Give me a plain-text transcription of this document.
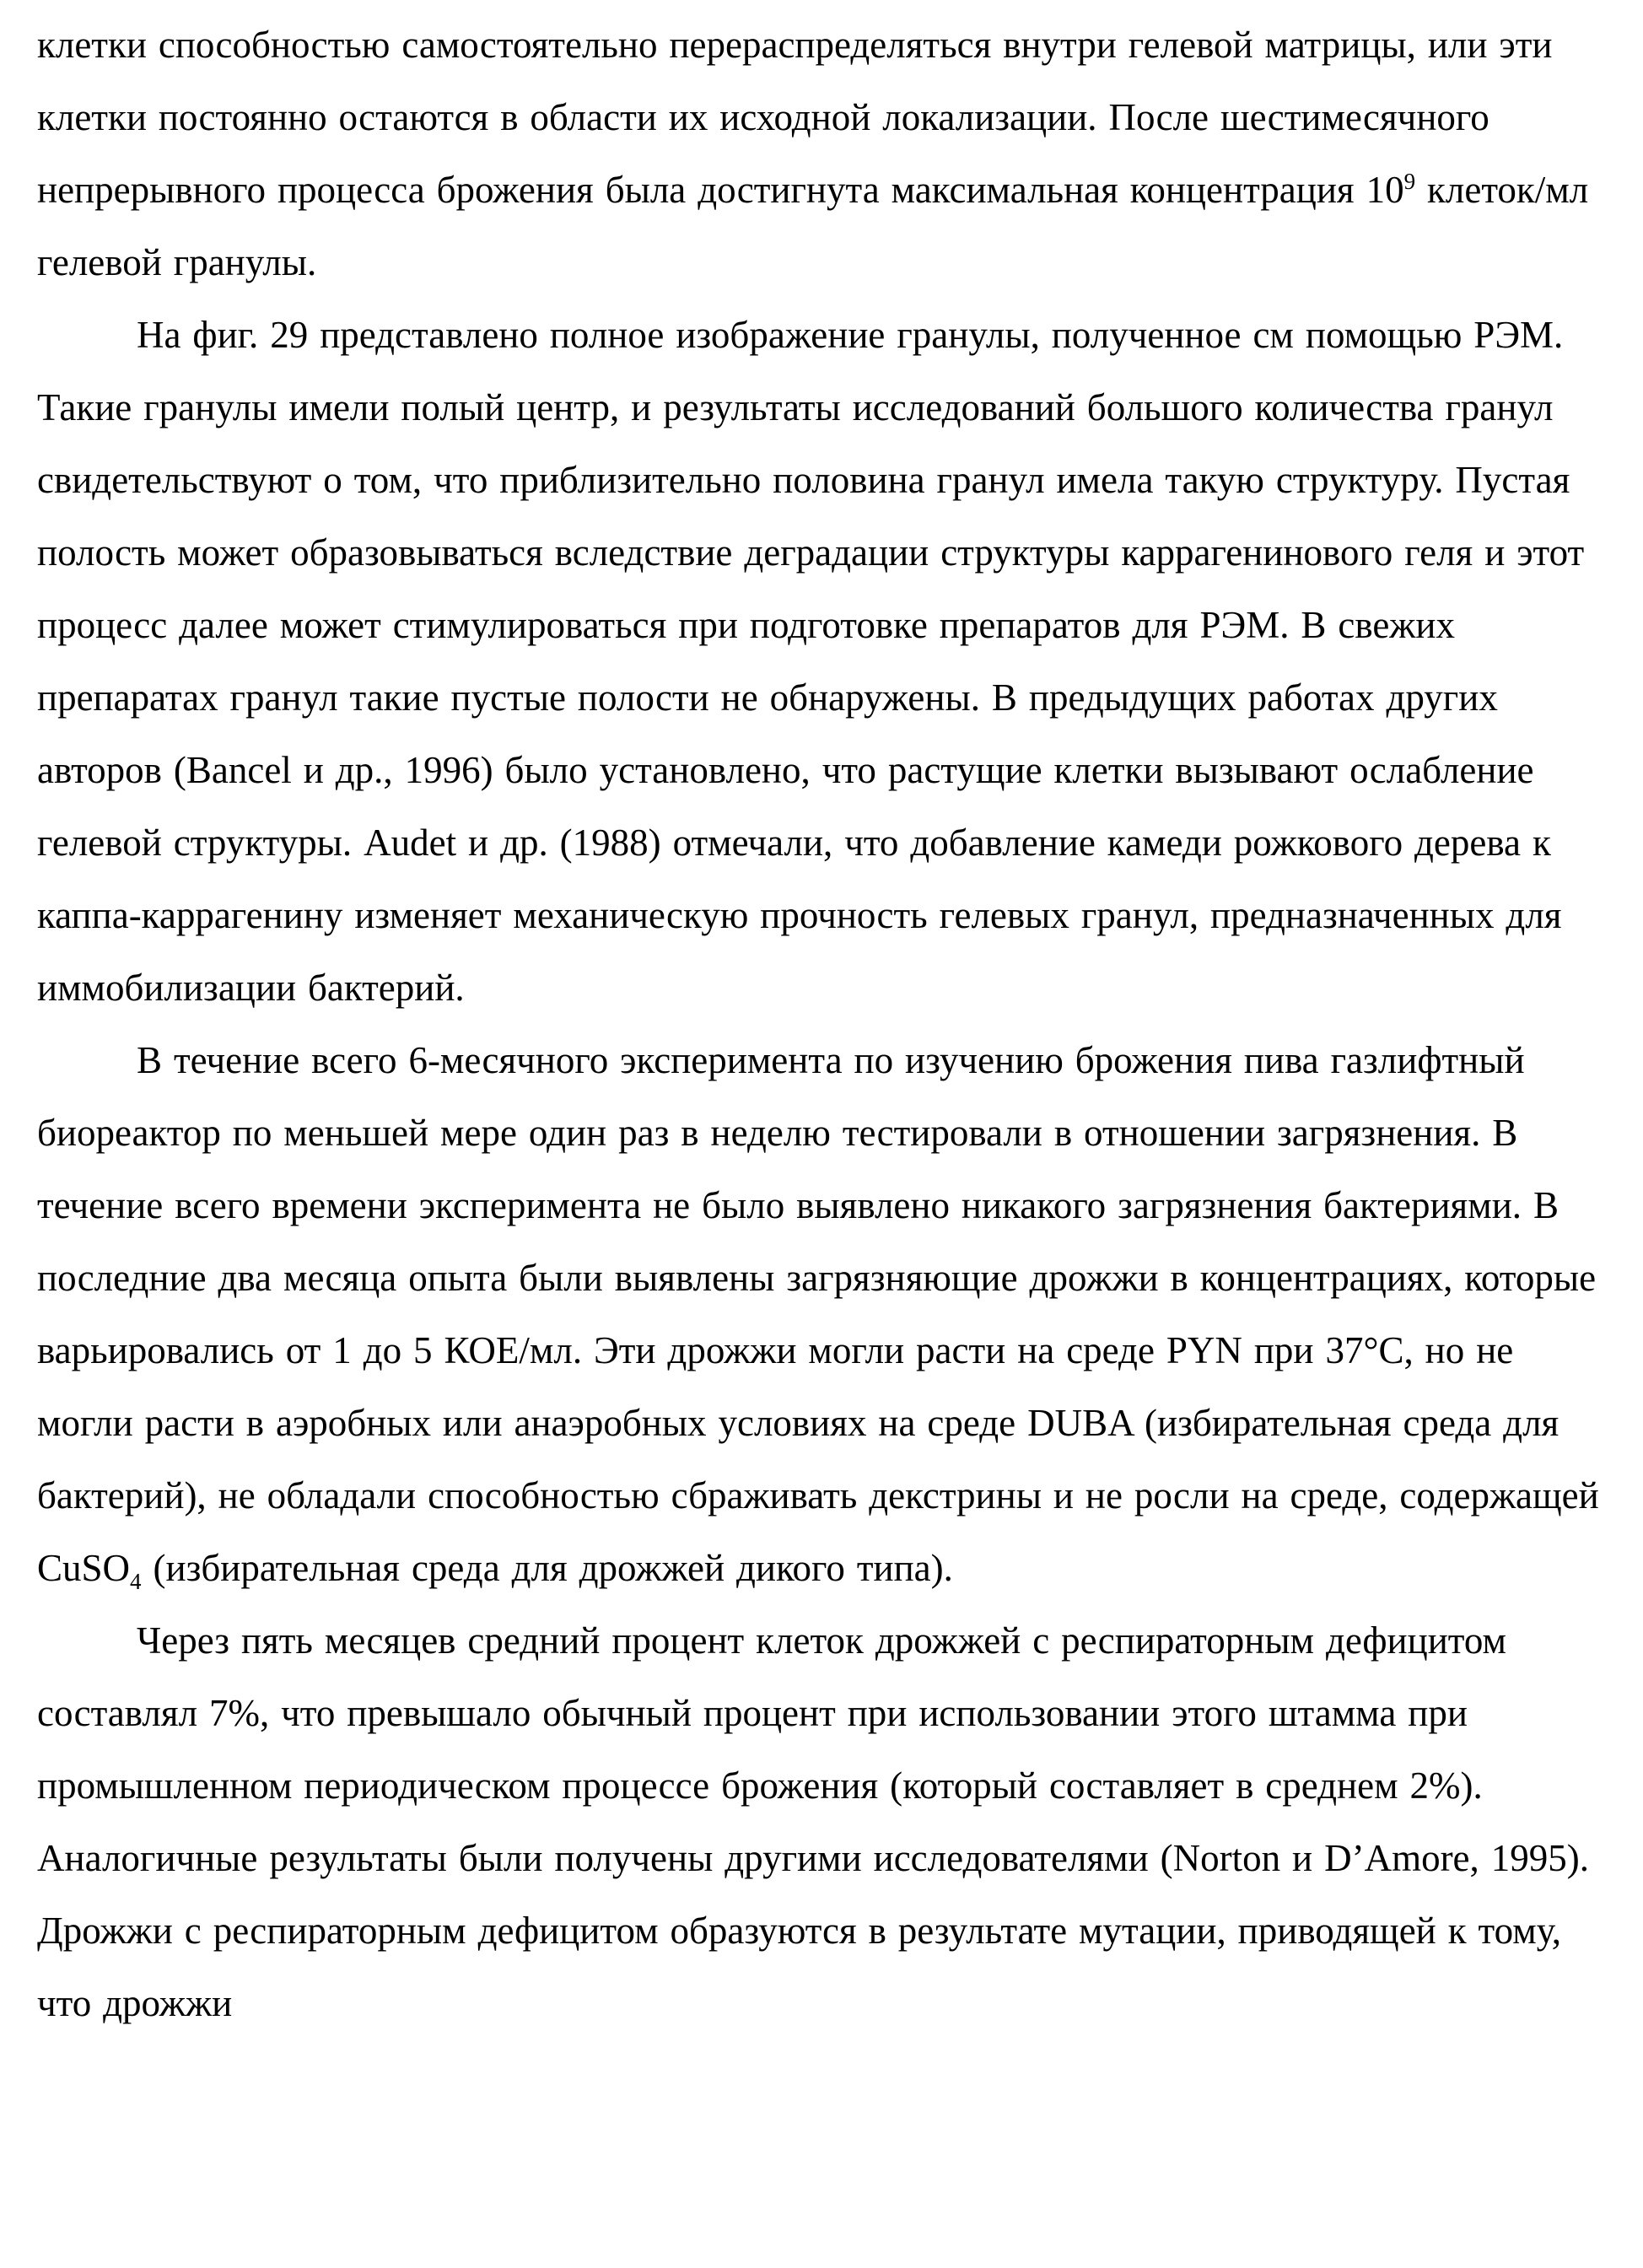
клетки способностью самостоятельно перераспределяться внутри гелевой матрицы, или эти клетки постоянно остаются в области их исходной локализации. После шестимесячного непрерывного процесса брожения была достигнута максимальная концентрация $10^9$ клеток/мл гелевой гранулы.

На фиг. 29 представлено полное изображение гранулы, полученное см помощью РЭМ. Такие гранулы имели полый центр, и результаты исследований большого количества гранул свидетельствуют о том, что приблизительно половина гранул имела такую структуру. Пустая полость может образовываться вследствие деградации структуры каррагенинового геля и этот процесс далее может стимулироваться при подготовке препаратов для РЭМ. В свежих препаратах гранул такие пустые полости не обнаружены. В предыдущих работах других авторов (Bancel и др., 1996) было установлено, что растущие клетки вызывают ослабление гелевой структуры. Audet и др. (1988) отмечали, что добавление камеди рожкового дерева к каппа-каррагенину изменяет механическую прочность гелевых гранул, предназначенных для иммобилизации бактерий.

В течение всего 6-месячного эксперимента по изучению брожения пива газлифтный биореактор по меньшей мере один раз в неделю тестировали в отношении загрязнения. В течение всего времени эксперимента не было выявлено никакого загрязнения бактериями. В последние два месяца опыта были выявлены загрязняющие дрожжи в концентрациях, которые варьировались от 1 до 5 КОЕ/мл. Эти дрожжи могли расти на среде PYN при 37°С, но не могли расти в аэробных или анаэробных условиях на среде DUBA (избирательная среда для бактерий), не обладали способностью сбраживать декстрины и не росли на среде, содержащей CuSO$_4$ (избирательная среда для дрожжей дикого типа).

Через пять месяцев средний процент клеток дрожжей с респираторным дефицитом составлял 7%, что превышало обычный процент при использовании этого штамма при промышленном периодическом процессе брожения (который составляет в среднем 2%). Аналогичные результаты были получены другими исследователями (Norton и D’Amore, 1995). Дрожжи с респираторным дефицитом образуются в результате мутации, приводящей к тому, что дрожжи
